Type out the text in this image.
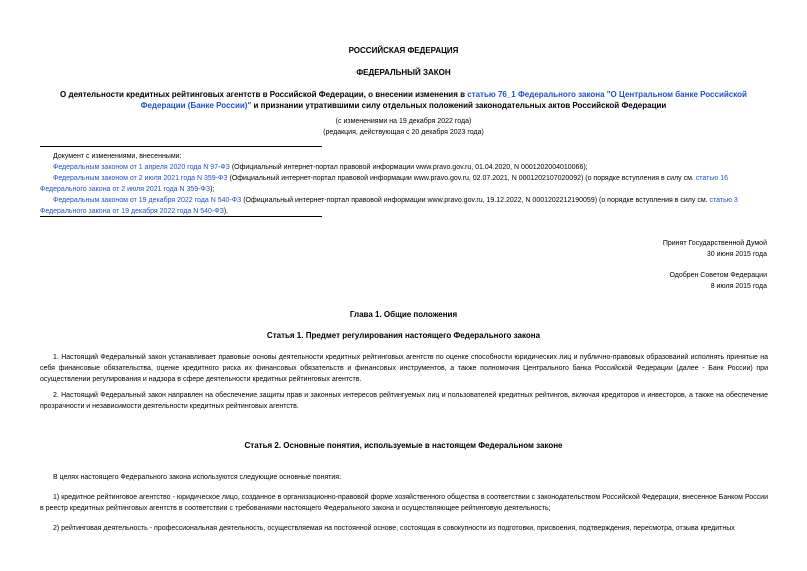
РОССИЙСКАЯ ФЕДЕРАЦИЯ
ФЕДЕРАЛЬНЫЙ ЗАКОН
О деятельности кредитных рейтинговых агентств в Российской Федерации, о внесении изменения в статью 76_1 Федерального закона "О Центральном банке Российской Федерации (Банке России)" и признании утратившими силу отдельных положений законодательных актов Российской Федерации
(с изменениями на 19 декабря 2022 года)
(редакция, действующая с 20 декабря 2023 года)
Документ с изменениями, внесенными:
Федеральным законом от 1 апреля 2020 года N 97-ФЗ (Официальный интернет-портал правовой информации www.pravo.gov.ru, 01.04.2020, N 0001202004010066);
Федеральным законом от 2 июля 2021 года N 359-ФЗ (Официальный интернет-портал правовой информации www.pravo.gov.ru, 02.07.2021, N 0001202107020092) (о порядке вступления в силу см. статью 16 Федерального закона от 2 июля 2021 года N 359-ФЗ);
Федеральным законом от 19 декабря 2022 года N 540-ФЗ (Официальный интернет-портал правовой информации www.pravo.gov.ru, 19.12.2022, N 0001202212190059) (о порядке вступления в силу см. статью 3 Федерального закона от 19 декабря 2022 года N 540-ФЗ).
Принят Государственной Думой
30 июня 2015 года
Одобрен Советом Федерации
8 июля 2015 года
Глава 1. Общие положения
Статья 1. Предмет регулирования настоящего Федерального закона
1. Настоящий Федеральный закон устанавливает правовые основы деятельности кредитных рейтинговых агентств по оценке способности юридических лиц и публично-правовых образований исполнять принятые на себя финансовые обязательства, оценке кредитного риска их финансовых обязательств и финансовых инструментов, а также полномочия Центрального банка Российской Федерации (далее - Банк России) при осуществлении регулирования и надзора в сфере деятельности кредитных рейтинговых агентств.
2. Настоящий Федеральный закон направлен на обеспечение защиты прав и законных интересов рейтингуемых лиц и пользователей кредитных рейтингов, включая кредиторов и инвесторов, а также на обеспечение прозрачности и независимости деятельности кредитных рейтинговых агентств.
Статья 2. Основные понятия, используемые в настоящем Федеральном законе
В целях настоящего Федерального закона используются следующие основные понятия:
1) кредитное рейтинговое агентство - юридическое лицо, созданное в организационно-правовой форме хозяйственного общества в соответствии с законодательством Российской Федерации, внесенное Банком России в реестр кредитных рейтинговых агентств в соответствии с требованиями настоящего Федерального закона и осуществляющее рейтинговую деятельность;
2) рейтинговая деятельность - профессиональная деятельность, осуществляемая на постоянной основе, состоящая в совокупности из подготовки, присвоения, подтверждения, пересмотра, отзыва кредитных
